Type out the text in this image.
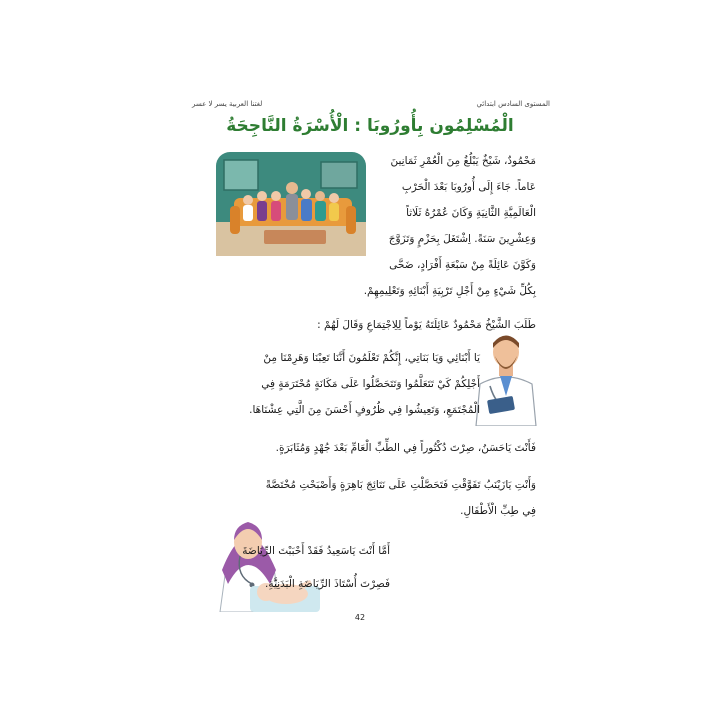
لغتنا العربية يسر لا عسر	المستوى السادس ابتدائي
الْمُسْلِمُون بِأُورُوبَا : الْأُسْرَةُ النَّاجِحَةُ
مَحْمُودٌ، شَيْخٌ يَبْلُغُ مِنَ الْعُمْرِ ثَمَانِينَ
عَاماً. جَاءَ إِلَى أُورُوبَا بَعْدَ الْحَرْبِ
الْعَالَمِيَّةِ الثَّانِيَةِ وَكَانَ عُمْرُهُ ثَلَاثاً
وَعِشْرِينَ سَنَةً. اِشْتَغَلَ بِحَزْمٍ وَتَزَوَّجَ
وَكَوَّنَ عَائِلَةً مِنْ سَبْعَةِ أَفْرَادٍ، ضَحَّى
بِكُلِّ شَيْءٍ مِنْ أَجْلِ تَرْبِيَةِ أَبْنَائِهِ وَتَعْلِيمِهِمْ.
طَلَبَ الشَّيْخُ مَحْمُودٌ عَائِلَتَهُ يَوْماً لِلِاجْتِمَاعِ وَقَالَ لَهُمْ :
يَا أَبْنَائِي وَيَا بَنَاتِي، إِنَّكُمْ تَعْلَمُونَ أَنَّنَا تَعِبْنَا وَهَرِمْنَا مِنْ
أَجْلِكُمْ كَيْ تَتَعَلَّمُوا وَتَتَحَصَّلُوا عَلَى مَكَانَةٍ مُحْتَرَمَةٍ فِي
الْمُجْتَمَعِ، وَتَعِيشُوا فِي ظُرُوفٍ أَحْسَنَ مِنَ الَّتِي عِشْنَاهَا.
فَأَنْتَ يَاحَسَنُ، صِرْتَ دُكْتُوراً فِي الطِّبِّ الْعَامِّ بَعْدَ جُهْدٍ وَمُثَابَرَةٍ.
وَأَنْتِ يَازَيْنَبُ تَفَوَّقْتِ فَتَحَصَّلْتِ عَلَى نَتَائِجَ بَاهِرَةٍ وَأَصْبَحْتِ مُخْتَصَّةً
فِي طِبِّ الْأَطْفَالِ.
أَمَّا أَنْتَ يَاسَعِيدُ فَقَدْ أَحْبَبْتَ الرِّيَاضَةَ
فَصِرْتَ أُسْتَاذَ الرِّيَاضَةِ الْبَدَنِيَّةِ.
42
